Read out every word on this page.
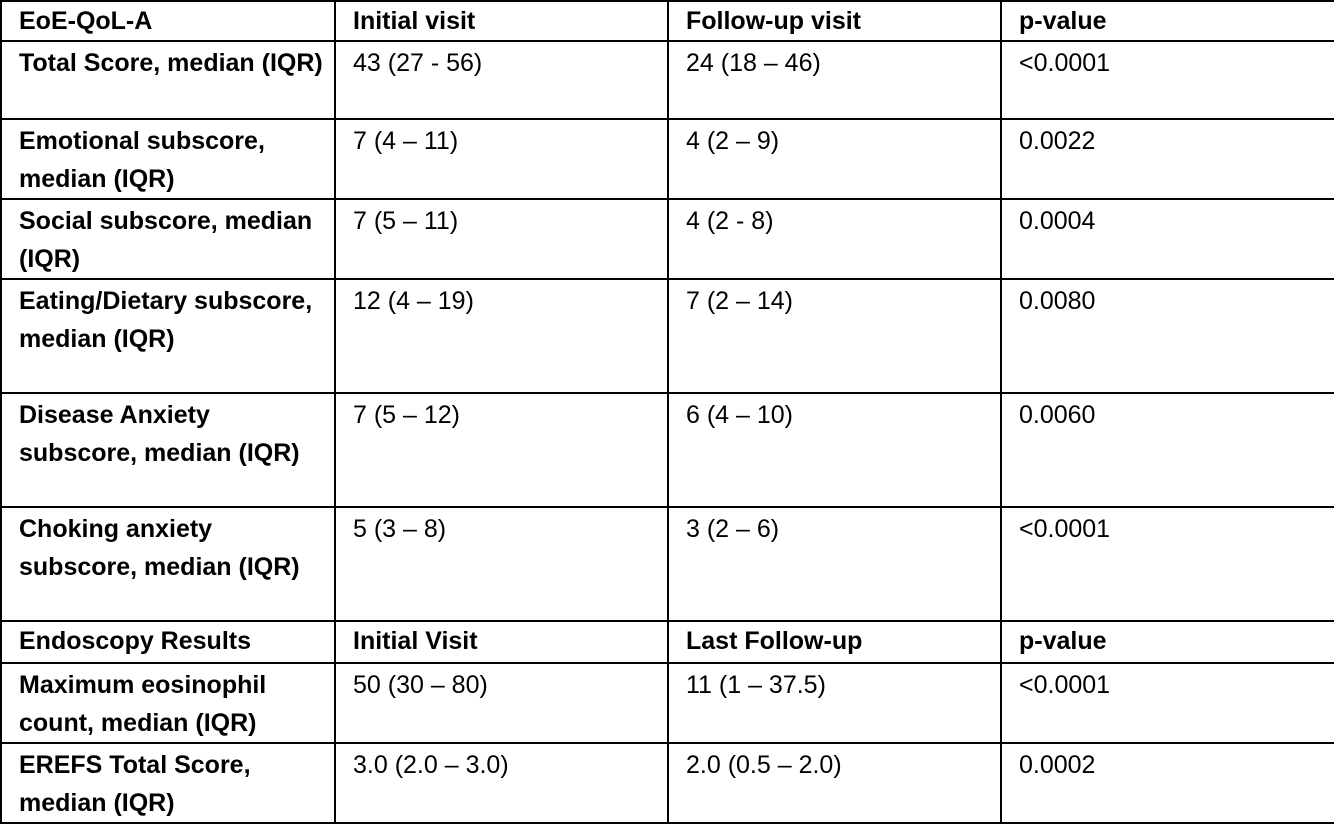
EoE-QoL-A	Initial visit	Follow-up visit	p-value
Total Score, median (IQR)	43 (27 - 56)	24 (18 – 46)	<0.0001
Emotional subscore, median (IQR)	7 (4 – 11)	4 (2 – 9)	0.0022
Social subscore, median (IQR)	7 (5 – 11)	4 (2 - 8)	0.0004
Eating/Dietary subscore, median (IQR)	12 (4 – 19)	7 (2 – 14)	0.0080
Disease Anxiety subscore, median (IQR)	7 (5 – 12)	6 (4 – 10)	0.0060
Choking anxiety subscore, median (IQR)	5 (3 – 8)	3 (2 – 6)	<0.0001
Endoscopy Results	Initial Visit	Last Follow-up	p-value
Maximum eosinophil count, median (IQR)	50 (30 – 80)	11 (1 – 37.5)	<0.0001
EREFS Total Score, median (IQR)	3.0 (2.0 – 3.0)	2.0 (0.5 – 2.0)	0.0002
